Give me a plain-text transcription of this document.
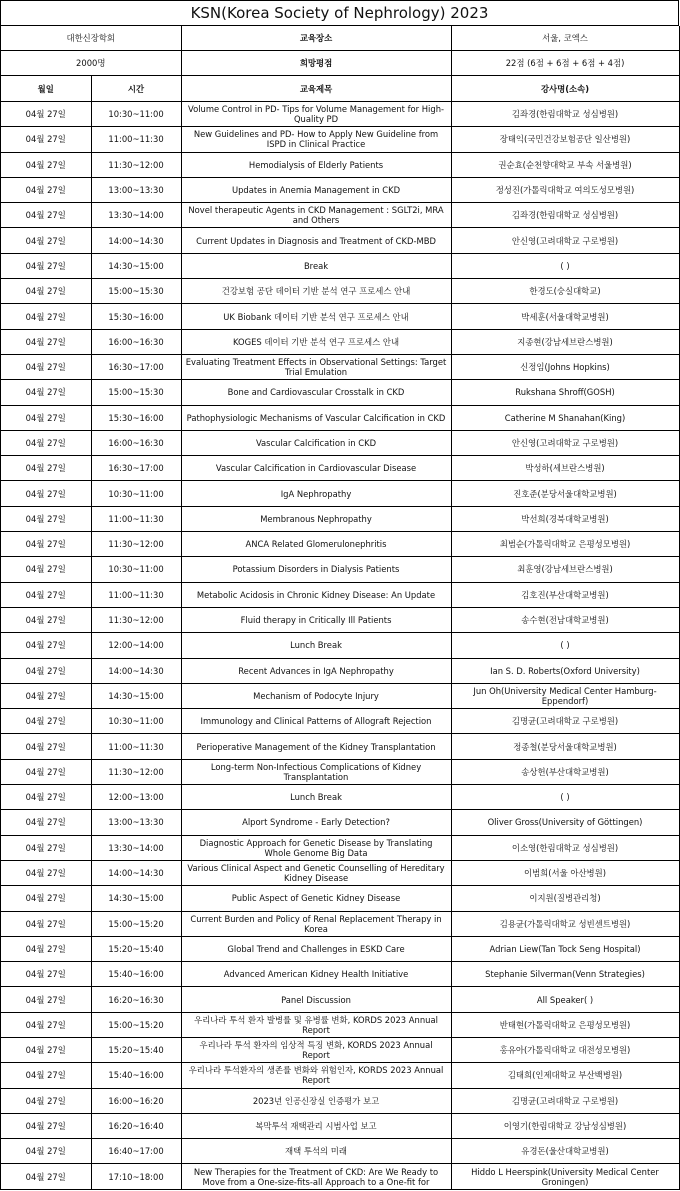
KSN(Korea Society of Nephrology) 2023
대한신장학회		교육장소	서울, 코엑스
2000명		희망평점	22점 (6점 + 6점 + 6점 + 4점)
월일	시간	교육제목	강사명(소속)
04월 27일	10:30~11:00	Volume Control in PD- Tips for Volume Management for High-Quality PD	김좌경(한림대학교 성심병원)
04월 27일	11:00~11:30	New Guidelines and PD- How to Apply New Guideline from ISPD in Clinical Practice	장태익(국민건강보험공단 일산병원)
04월 27일	11:30~12:00	Hemodialysis of Elderly Patients	권순효(순천향대학교 부속 서울병원)
04월 27일	13:00~13:30	Updates in Anemia Management in CKD	정성진(가톨릭대학교 여의도성모병원)
04월 27일	13:30~14:00	Novel therapeutic Agents in CKD Management : SGLT2i, MRA and Others	김좌경(한림대학교 성심병원)
04월 27일	14:00~14:30	Current Updates in Diagnosis and Treatment of CKD-MBD	안신영(고려대학교 구로병원)
04월 27일	14:30~15:00	Break	( )
04월 27일	15:00~15:30	건강보험 공단 데이터 기반 분석 연구 프로세스 안내	한경도(숭실대학교)
04월 27일	15:30~16:00	UK Biobank 데이터 기반 분석 연구 프로세스 안내	박세훈(서울대학교병원)
04월 27일	16:00~16:30	KOGES 데이터 기반 분석 연구 프로세스 안내	지종현(강남세브란스병원)
04월 27일	16:30~17:00	Evaluating Treatment Effects in Observational Settings: Target Trial Emulation	신정임(Johns Hopkins)
04월 27일	15:00~15:30	Bone and Cardiovascular Crosstalk in CKD	Rukshana Shroff(GOSH)
04월 27일	15:30~16:00	Pathophysiologic Mechanisms of Vascular Calcification in CKD	Catherine M Shanahan(King)
04월 27일	16:00~16:30	Vascular Calcification in CKD	안신영(고려대학교 구로병원)
04월 27일	16:30~17:00	Vascular Calcification in Cardiovascular Disease	박성하(세브란스병원)
04월 27일	10:30~11:00	IgA Nephropathy	진호준(분당서울대학교병원)
04월 27일	11:00~11:30	Membranous Nephropathy	박선희(경북대학교병원)
04월 27일	11:30~12:00	ANCA Related Glomerulonephritis	최범순(가톨릭대학교 은평성모병원)
04월 27일	10:30~11:00	Potassium Disorders in Dialysis Patients	최훈영(강남세브란스병원)
04월 27일	11:00~11:30	Metabolic Acidosis in Chronic Kidney Disease: An Update	김호진(부산대학교병원)
04월 27일	11:30~12:00	Fluid therapy in Critically Ill Patients	송수현(전남대학교병원)
04월 27일	12:00~14:00	Lunch Break	( )
04월 27일	14:00~14:30	Recent Advances in IgA Nephropathy	Ian S. D. Roberts(Oxford University)
04월 27일	14:30~15:00	Mechanism of Podocyte Injury	Jun Oh(University Medical Center Hamburg-Eppendorf)
04월 27일	10:30~11:00	Immunology and Clinical Patterns of Allograft Rejection	김명균(고려대학교 구로병원)
04월 27일	11:00~11:30	Perioperative Management of the Kidney Transplantation	정종철(분당서울대학교병원)
04월 27일	11:30~12:00	Long-term Non-Infectious Complications of Kidney Transplantation	송상헌(부산대학교병원)
04월 27일	12:00~13:00	Lunch Break	( )
04월 27일	13:00~13:30	Alport Syndrome - Early Detection?	Oliver Gross(University of Göttingen)
04월 27일	13:30~14:00	Diagnostic Approach for Genetic Disease by Translating Whole Genome Big Data	이소영(한림대학교 성심병원)
04월 27일	14:00~14:30	Various Clinical Aspect and Genetic Counselling of Hereditary Kidney Disease	이범희(서울 아산병원)
04월 27일	14:30~15:00	Public Aspect of Genetic Kidney Disease	이지원(질병관리청)
04월 27일	15:00~15:20	Current Burden and Policy of Renal Replacement Therapy in Korea	김용균(가톨릭대학교 성빈센트병원)
04월 27일	15:20~15:40	Global Trend and Challenges in ESKD Care	Adrian Liew(Tan Tock Seng Hospital)
04월 27일	15:40~16:00	Advanced American Kidney Health Initiative	Stephanie Silverman(Venn Strategies)
04월 27일	16:20~16:30	Panel Discussion	All Speaker( )
04월 27일	15:00~15:20	우리나라 투석 환자 발병률 및 유병률 변화, KORDS 2023 Annual Report	반태현(가톨릭대학교 은평성모병원)
04월 27일	15:20~15:40	우리나라 투석 환자의 임상적 특징 변화, KORDS 2023 Annual Report	홍유아(가톨릭대학교 대전성모병원)
04월 27일	15:40~16:00	우리나라 투석환자의 생존률 변화와 위험인자, KORDS 2023 Annual Report	김태희(인제대학교 부산백병원)
04월 27일	16:00~16:20	2023년 인공신장실 인증평가 보고	김명균(고려대학교 구로병원)
04월 27일	16:20~16:40	복막투석 재택관리 시범사업 보고	이영기(한림대학교 강남성심병원)
04월 27일	16:40~17:00	재택 투석의 미래	유경돈(울산대학교병원)
04월 27일	17:10~18:00	New Therapies for the Treatment of CKD: Are We Ready to Move from a One-size-fits-all Approach to a One-fit for	Hiddo L Heerspink(University Medical Center Groningen)
